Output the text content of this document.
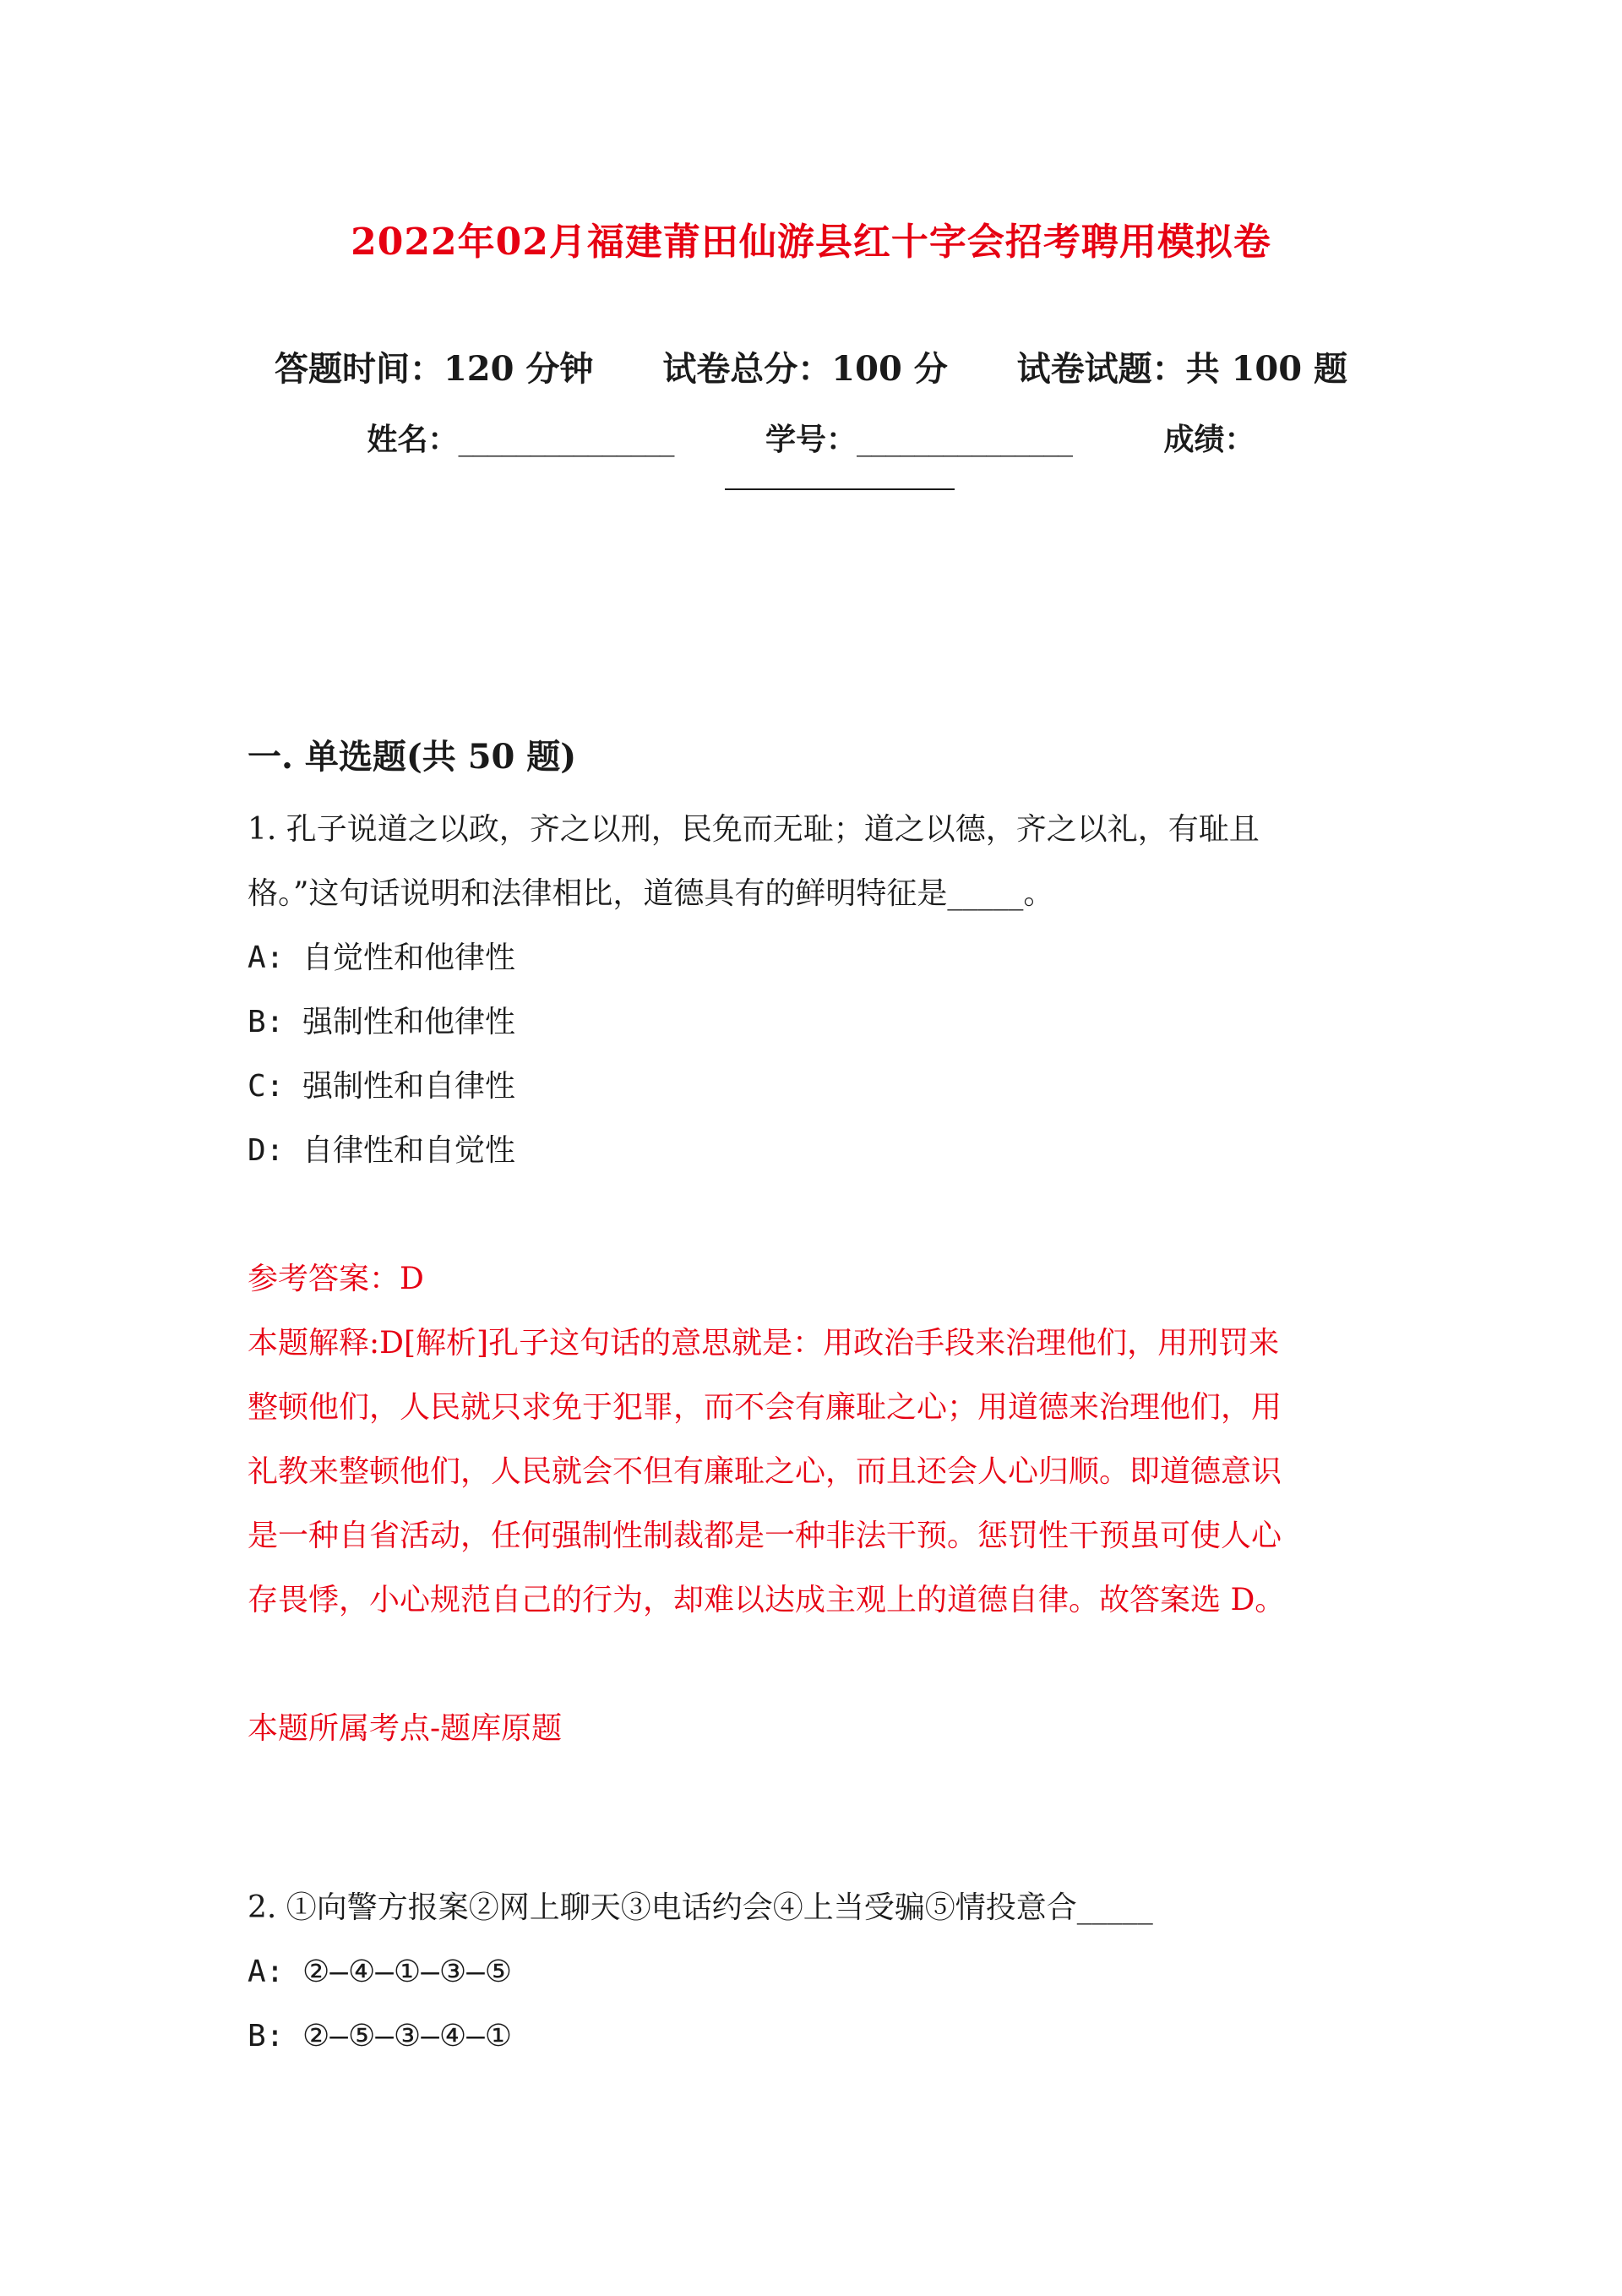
2022年02月福建莆田仙游县红十字会招考聘用模拟卷
答题时间：120 分钟 试卷总分：100 分 试卷试题：共 100 题
姓名：_______________	学号：_______________	成绩：
一. 单选题(共 50 题)
1. 孔子说道之以政，齐之以刑，民免而无耻；道之以德，齐之以礼，有耻且
格。”这句话说明和法律相比，道德具有的鲜明特征是_____。
A: 自觉性和他律性
B: 强制性和他律性
C: 强制性和自律性
D: 自律性和自觉性
参考答案：D
本题解释:D[解析]孔子这句话的意思就是：用政治手段来治理他们，用刑罚来
整顿他们，人民就只求免于犯罪，而不会有廉耻之心；用道德来治理他们，用
礼教来整顿他们，人民就会不但有廉耻之心，而且还会人心归顺。即道德意识
是一种自省活动，任何强制性制裁都是一种非法干预。惩罚性干预虽可使人心
存畏悸，小心规范自己的行为，却难以达成主观上的道德自律。故答案选 D。
本题所属考点-题库原题
2. ①向警方报案②网上聊天③电话约会④上当受骗⑤情投意合_____
A: ②—④—①—③—⑤
B: ②—⑤—③—④—①
